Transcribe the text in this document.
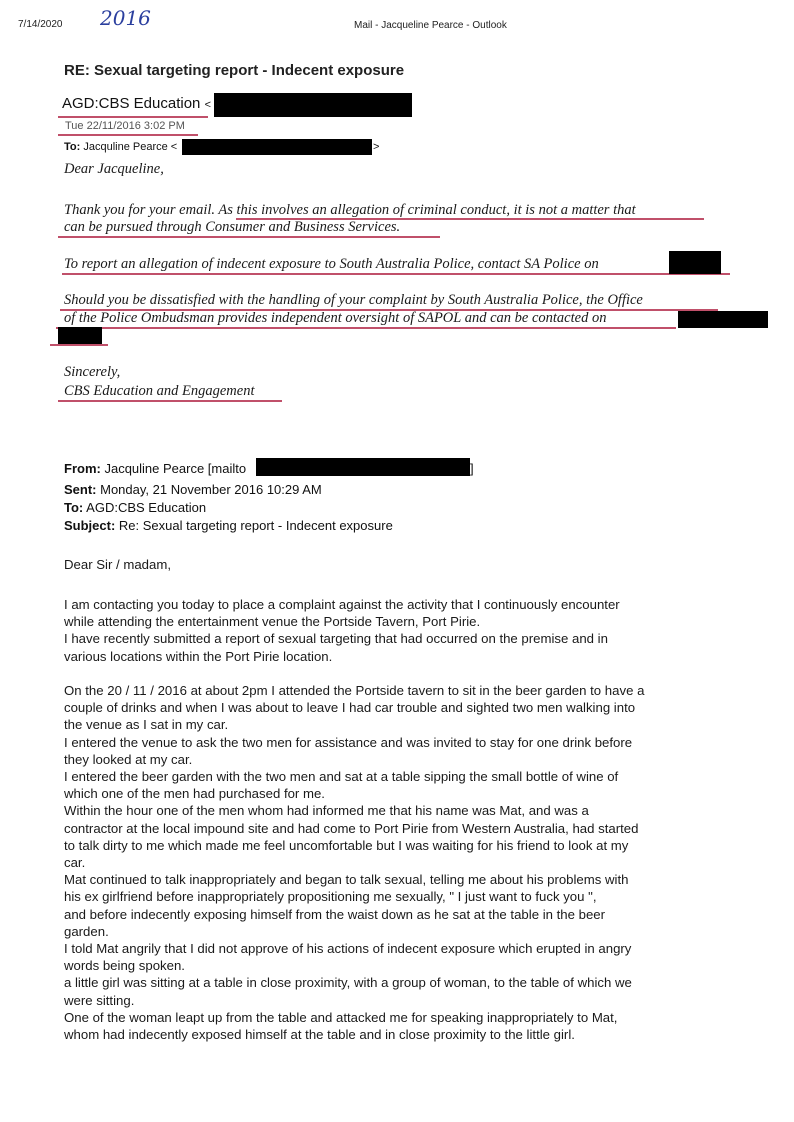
7/14/2020 2016	Mail - Jacqueline Pearce - Outlook
RE: Sexual targeting report - Indecent exposure
AGD:CBS Education <
Tue 22/11/2016 3:02 PM
To: Jacquline Pearce <	>
Dear Jacqueline,
Thank you for your email. As this involves an allegation of criminal conduct, it is not a matter that
can be pursued through Consumer and Business Services.
To report an allegation of indecent exposure to South Australia Police, contact SA Police on
Should you be dissatisfied with the handling of your complaint by South Australia Police, the Office
of the Police Ombudsman provides independent oversight of SAPOL and can be contacted on
Sincerely,
CBS Education and Engagement
From: Jacquline Pearce [mailto	]
Sent: Monday, 21 November 2016 10:29 AM
To: AGD:CBS Education
Subject: Re: Sexual targeting report - Indecent exposure
Dear Sir / madam,
I am contacting you today to place a complaint against the activity that I continuously encounter
while attending the entertainment venue the Portside Tavern, Port Pirie.
I have recently submitted a report of sexual targeting that had occurred on the premise and in
various locations within the Port Pirie location.
On the 20 / 11 / 2016 at about 2pm I attended the Portside tavern to sit in the beer garden to have a
couple of drinks and when I was about to leave I had car trouble and sighted two men walking into
the venue as I sat in my car.
I entered the venue to ask the two men for assistance and was invited to stay for one drink before
they looked at my car.
I entered the beer garden with the two men and sat at a table sipping the small bottle of wine of
which one of the men had purchased for me.
Within the hour one of the men whom had informed me that his name was Mat, and was a
contractor at the local impound site and had come to Port Pirie from Western Australia, had started
to talk dirty to me which made me feel uncomfortable but I was waiting for his friend to look at my
car.
Mat continued to talk inappropriately and began to talk sexual, telling me about his problems with
his ex girlfriend before inappropriately propositioning me sexually, " I just want to fuck you ",
and before indecently exposing himself from the waist down as he sat at the table in the beer
garden.
I told Mat angrily that I did not approve of his actions of indecent exposure which erupted in angry
words being spoken.
a little girl was sitting at a table in close proximity, with a group of woman, to the table of which we
were sitting.
One of the woman leapt up from the table and attacked me for speaking inappropriately to Mat,
whom had indecently exposed himself at the table and in close proximity to the little girl.
